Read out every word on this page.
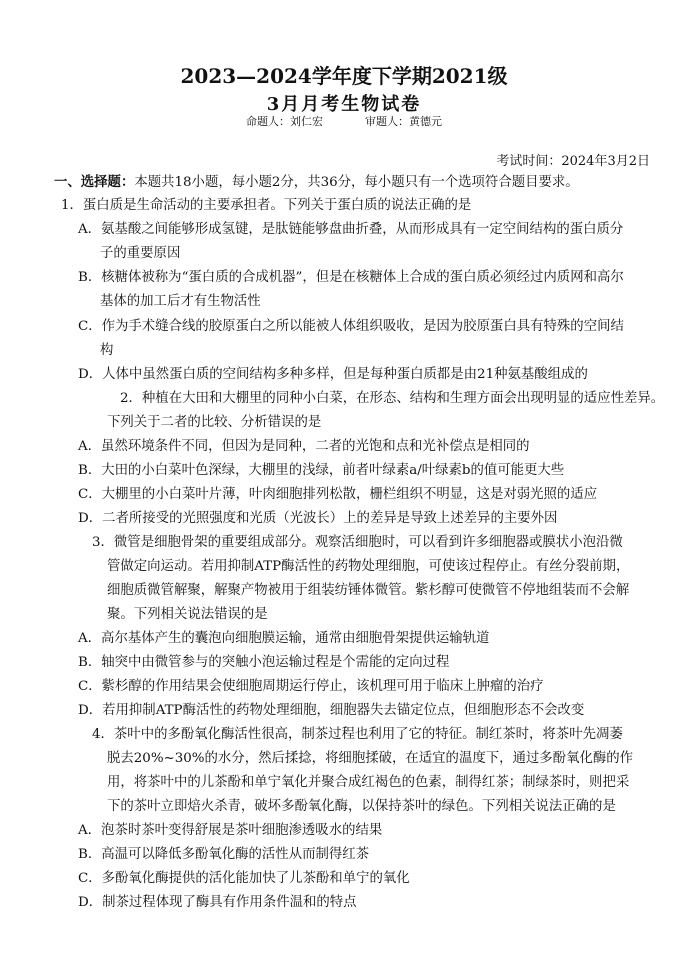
2023—2024学年度下学期2021级
3月月考生物试卷
命题人：刘仁宏	审题人：黄德元
考试时间：2024年3月2日
一、选择题：本题共18小题，每小题2分，共36分，每小题只有一个选项符合题目要求。
1．蛋白质是生命活动的主要承担者。下列关于蛋白质的说法正确的是
A．氨基酸之间能够形成氢键，是肽链能够盘曲折叠，从而形成具有一定空间结构的蛋白质分
子的重要原因
B．核糖体被称为“蛋白质的合成机器”，但是在核糖体上合成的蛋白质必须经过内质网和高尔
基体的加工后才有生物活性
C．作为手术缝合线的胶原蛋白之所以能被人体组织吸收，是因为胶原蛋白具有特殊的空间结
构
D．人体中虽然蛋白质的空间结构多种多样，但是每种蛋白质都是由21种氨基酸组成的
2．种植在大田和大棚里的同种小白菜，在形态、结构和生理方面会出现明显的适应性差异。
下列关于二者的比较、分析错误的是
A．虽然环境条件不同，但因为是同种，二者的光饱和点和光补偿点是相同的
B．大田的小白菜叶色深绿，大棚里的浅绿，前者叶绿素a/叶绿素b的值可能更大些
C．大棚里的小白菜叶片薄，叶肉细胞排列松散，栅栏组织不明显，这是对弱光照的适应
D．二者所接受的光照强度和光质（光波长）上的差异是导致上述差异的主要外因
3．微管是细胞骨架的重要组成部分。观察活细胞时，可以看到许多细胞器或膜状小泡沿微
管做定向运动。若用抑制ATP酶活性的药物处理细胞，可使该过程停止。有丝分裂前期，
细胞质微管解聚，解聚产物被用于组装纺锤体微管。紫杉醇可使微管不停地组装而不会解
聚。下列相关说法错误的是
A．高尔基体产生的囊泡向细胞膜运输，通常由细胞骨架提供运输轨道
B．轴突中由微管参与的突触小泡运输过程是个需能的定向过程
C．紫杉醇的作用结果会使细胞周期运行停止，该机理可用于临床上肿瘤的治疗
D．若用抑制ATP酶活性的药物处理细胞，细胞器失去锚定位点，但细胞形态不会改变
4．茶叶中的多酚氧化酶活性很高，制茶过程也利用了它的特征。制红茶时，将茶叶先凋萎
脱去20%~30%的水分，然后揉捻，将细胞揉破，在适宜的温度下，通过多酚氧化酶的作
用，将茶叶中的儿茶酚和单宁氧化并聚合成红褐色的色素，制得红茶；制绿茶时，则把采
下的茶叶立即焙火杀青，破坏多酚氧化酶，以保持茶叶的绿色。下列相关说法正确的是
A．泡茶时茶叶变得舒展是茶叶细胞渗透吸水的结果
B．高温可以降低多酚氧化酶的活性从而制得红茶
C．多酚氧化酶提供的活化能加快了儿茶酚和单宁的氧化
D．制茶过程体现了酶具有作用条件温和的特点
